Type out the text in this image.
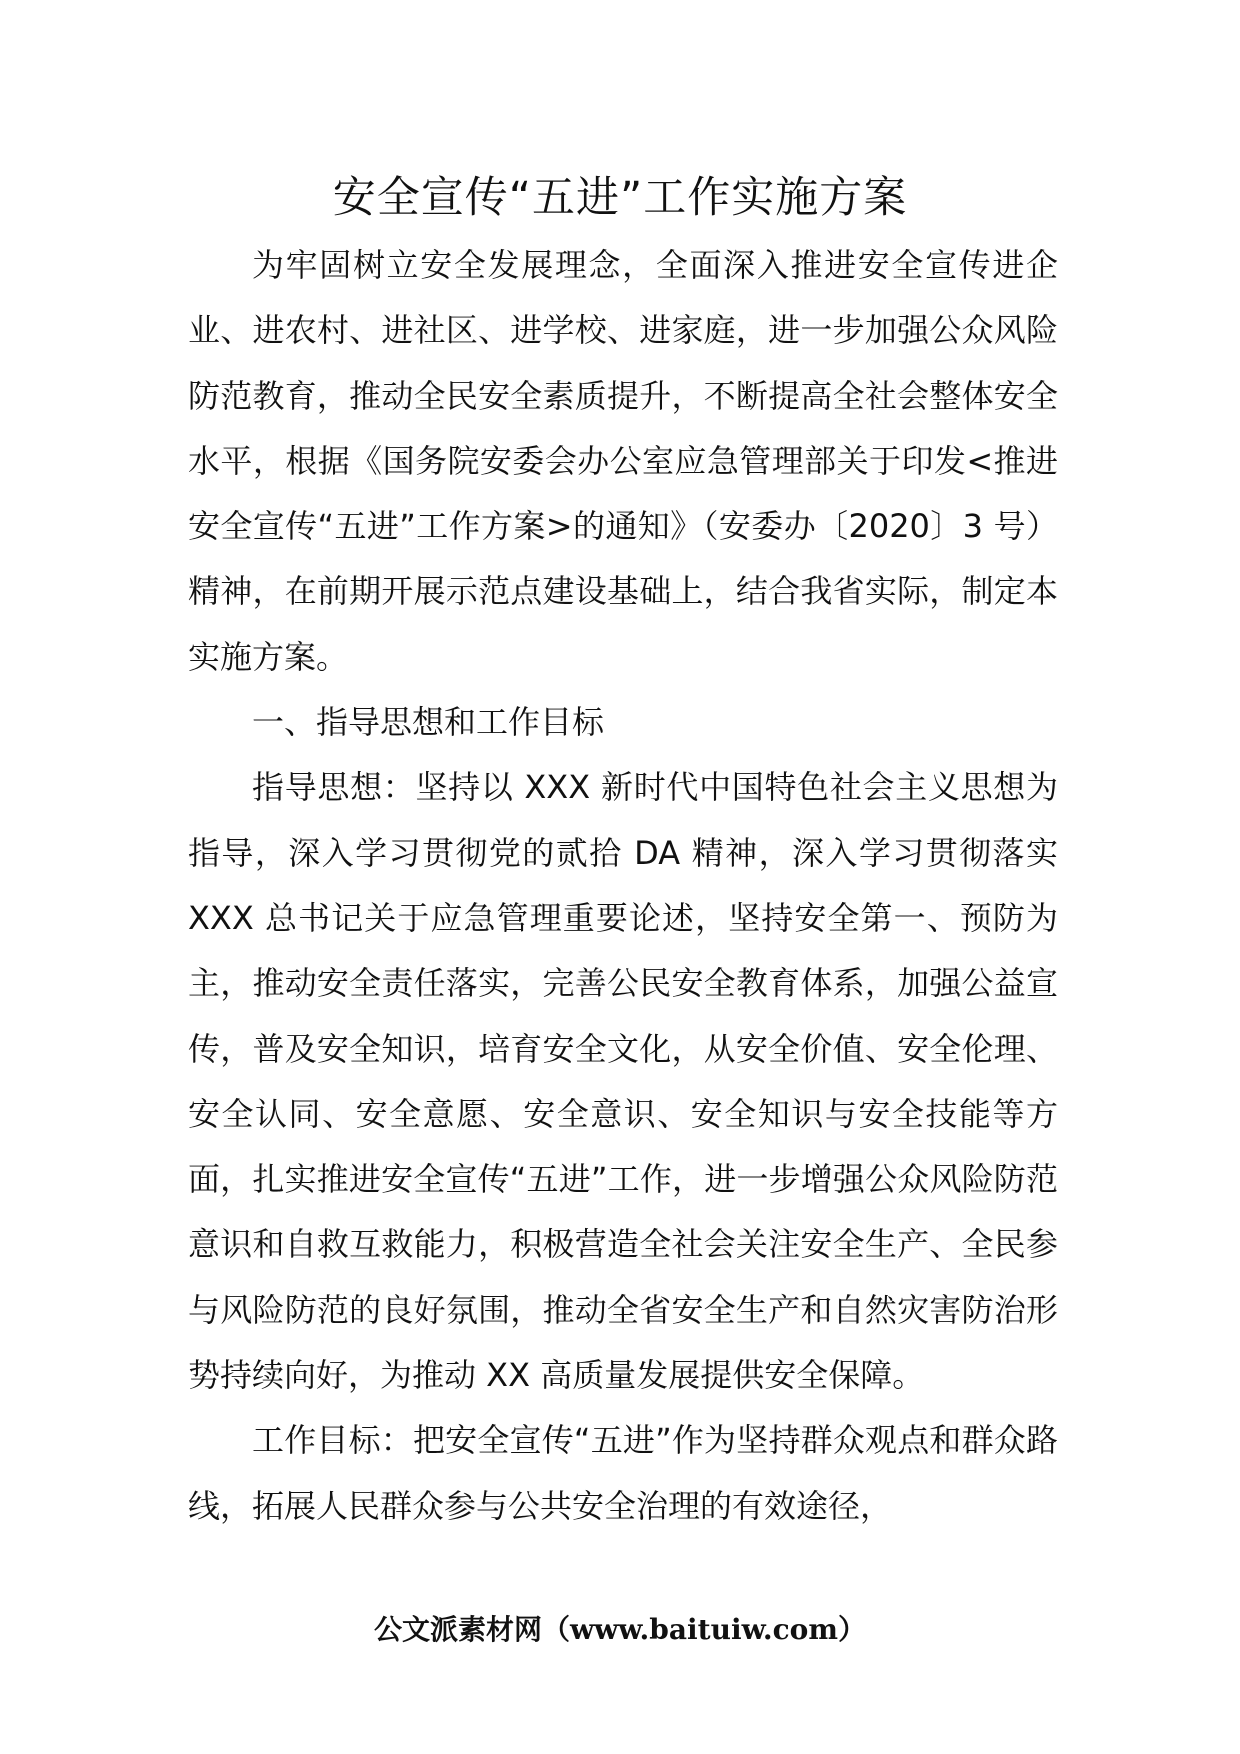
安全宣传“五进”工作实施方案

为牢固树立安全发展理念，全面深入推进安全宣传进企业、进农村、进社区、进学校、进家庭，进一步加强公众风险防范教育，推动全民安全素质提升，不断提高全社会整体安全水平，根据《国务院安委会办公室应急管理部关于印发<推进安全宣传“五进”工作方案>的通知》（安委办〔2020〕3 号）精神，在前期开展示范点建设基础上，结合我省实际，制定本实施方案。

一、指导思想和工作目标

指导思想：坚持以 XXX 新时代中国特色社会主义思想为指导，深入学习贯彻党的贰拾 DA 精神，深入学习贯彻落实 XXX 总书记关于应急管理重要论述，坚持安全第一、预防为主，推动安全责任落实，完善公民安全教育体系，加强公益宣传，普及安全知识，培育安全文化，从安全价值、安全伦理、安全认同、安全意愿、安全意识、安全知识与安全技能等方面，扎实推进安全宣传“五进”工作，进一步增强公众风险防范意识和自救互救能力，积极营造全社会关注安全生产、全民参与风险防范的良好氛围，推动全省安全生产和自然灾害防治形势持续向好，为推动 XX 高质量发展提供安全保障。

工作目标：把安全宣传“五进”作为坚持群众观点和群众路线，拓展人民群众参与公共安全治理的有效途径，

公文派素材网（www.baituiw.com）
